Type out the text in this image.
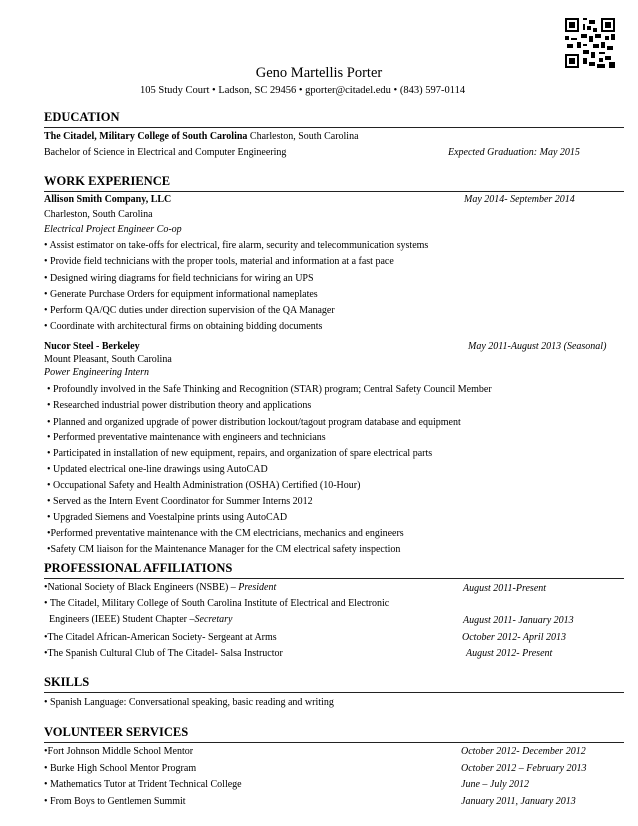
Geno Martellis Porter
105 Study Court • Ladson, SC 29456 • gporter@citadel.edu • (843) 597-0114
EDUCATION
The Citadel, Military College of South Carolina Charleston, South Carolina
Bachelor of Science in Electrical and Computer Engineering	Expected Graduation: May 2015
WORK EXPERIENCE
Allison Smith Company, LLC	May 2014- September 2014
Charleston, South Carolina
Electrical Project Engineer Co-op
• Assist estimator on take-offs for electrical, fire alarm, security and telecommunication systems
• Provide field technicians with the proper tools, material and information at a fast pace
• Designed wiring diagrams for field technicians for wiring an UPS
• Generate Purchase Orders for equipment informational nameplates
• Perform QA/QC duties under direction supervision of the QA Manager
• Coordinate with architectural firms on obtaining bidding documents
Nucor Steel - Berkeley	May 2011-August 2013 (Seasonal)
Mount Pleasant, South Carolina
Power Engineering Intern
• Profoundly involved in the Safe Thinking and Recognition (STAR) program; Central Safety Council Member
• Researched industrial power distribution theory and applications
• Planned and organized upgrade of power distribution lockout/tagout program database and equipment
• Performed preventative maintenance with engineers and technicians
• Participated in installation of new equipment, repairs, and organization of spare electrical parts
• Updated electrical one-line drawings using AutoCAD
• Occupational Safety and Health Administration (OSHA) Certified (10-Hour)
• Served as the Intern Event Coordinator for Summer Interns 2012
• Upgraded Siemens and Voestalpine prints using AutoCAD
•Performed preventative maintenance with the CM electricians, mechanics and engineers
•Safety CM liaison for the Maintenance Manager for the CM electrical safety inspection
PROFESSIONAL AFFILIATIONS
•National Society of Black Engineers (NSBE) – President	August 2011-Present
• The Citadel, Military College of South Carolina Institute of Electrical and Electronic
Engineers (IEEE) Student Chapter –Secretary	August 2011- January 2013
•The Citadel African-American Society- Sergeant at Arms	October 2012- April 2013
•The Spanish Cultural Club of The Citadel- Salsa Instructor	August 2012- Present
SKILLS
• Spanish Language: Conversational speaking, basic reading and writing
VOLUNTEER SERVICES
•Fort Johnson Middle School Mentor	October 2012- December 2012
• Burke High School Mentor Program	October 2012 – February 2013
• Mathematics Tutor at Trident Technical College	June – July 2012
• From Boys to Gentlemen Summit	January 2011, January 2013
